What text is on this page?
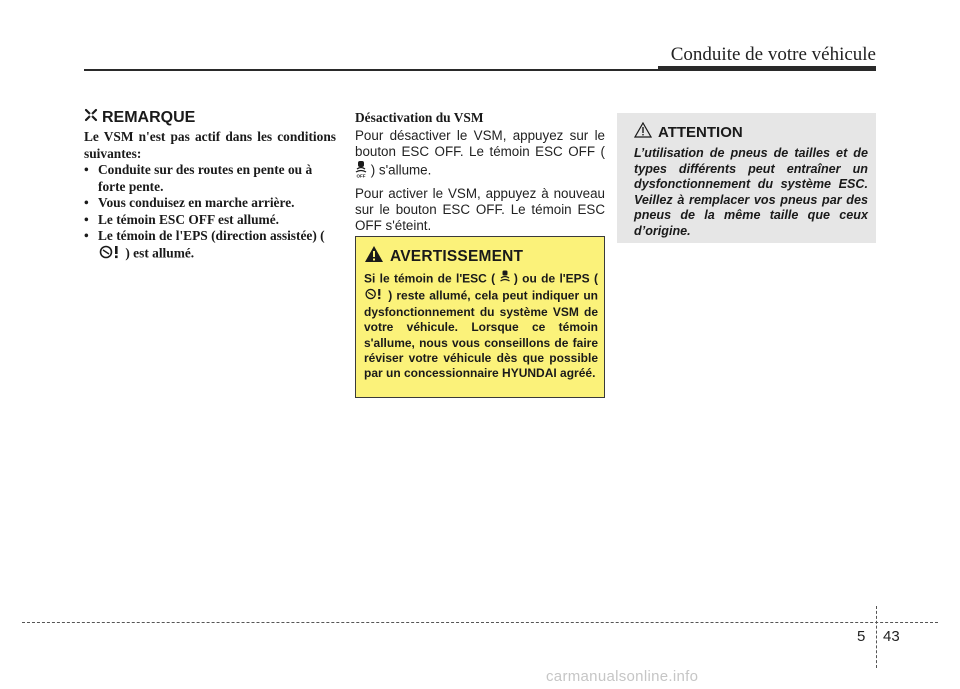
Conduite de votre véhicule
REMARQUE
Le VSM n'est pas actif dans les conditions suivantes:
• Conduite sur des routes en pente ou à forte pente.
• Vous conduisez en marche arrière.
• Le témoin ESC OFF est allumé.
• Le témoin de l'EPS (direction assistée) (  ) est allumé.
Désactivation du VSM

Pour désactiver le VSM, appuyez sur le bouton ESC OFF. Le témoin ESC OFF (
OFF ) s'allume.

Pour activer le VSM, appuyez à nouveau sur le bouton ESC OFF. Le témoin ESC OFF s'éteint.

AVERTISSEMENT
Si le témoin de l'ESC ( ) ou de l'EPS (  ) reste allumé, cela peut indiquer un dysfonctionnement du système VSM de votre véhicule. Lorsque ce témoin s'allume, nous vous conseillons de faire réviser votre véhicule dès que possible par un concessionnaire HYUNDAI agréé.
ATTENTION
L’utilisation de pneus de tailles et de types différents peut entraîner un dysfonctionnement du système ESC. Veillez à remplacer vos pneus par des pneus de la même taille que ceux d’origine.
5 43
carmanualsonline.info
